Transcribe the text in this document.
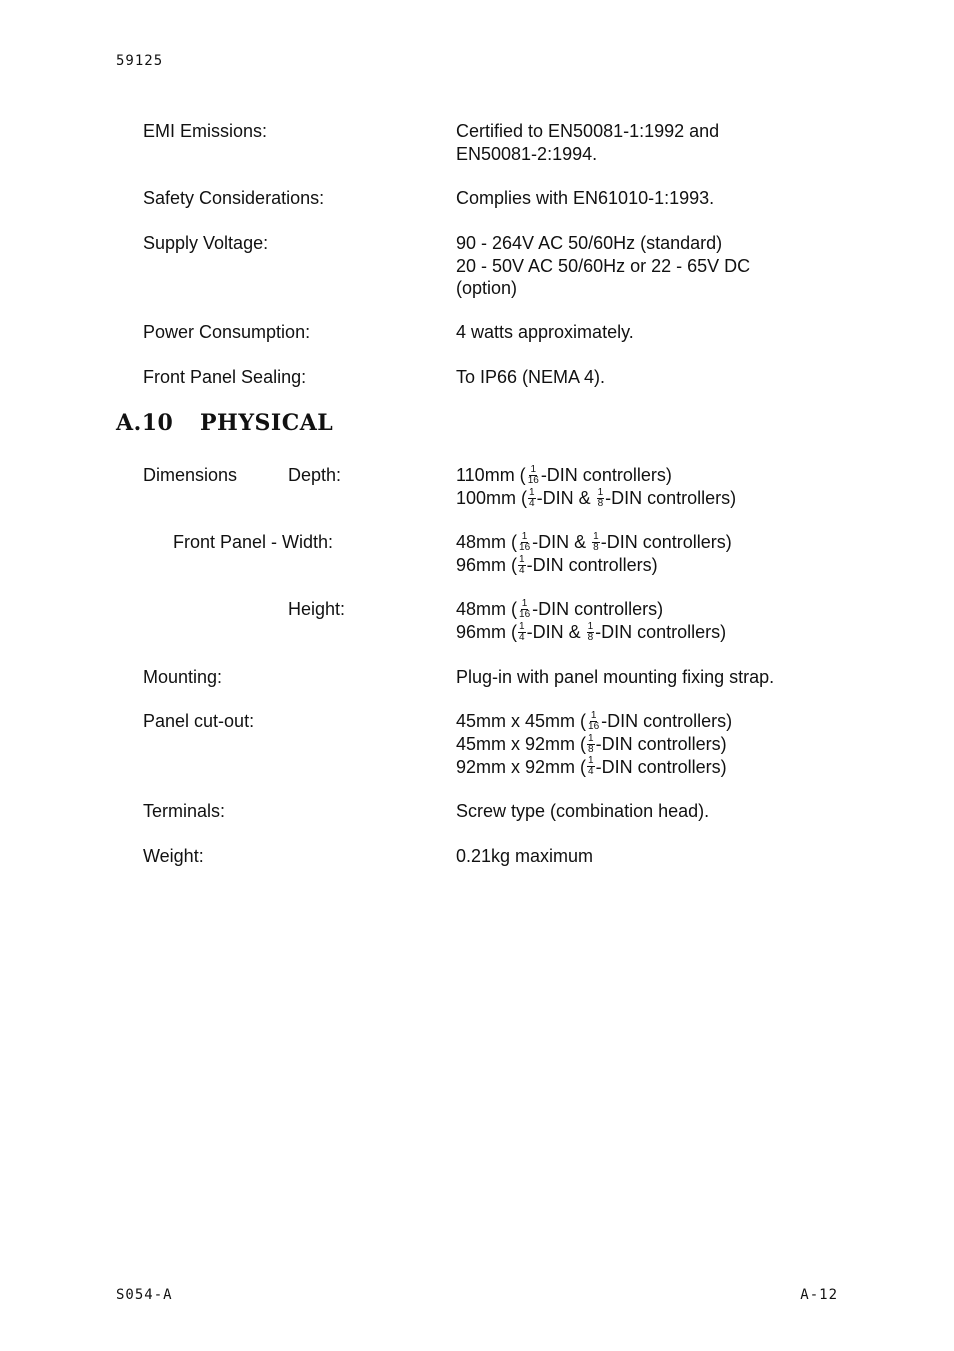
59125
EMI Emissions:	Certified to EN50081-1:1992 and
EN50081-2:1994.
Safety Considerations:	Complies with EN61010-1:1993.
Supply Voltage:	90 - 264V AC 50/60Hz (standard)
20 - 50V AC 50/60Hz or 22 - 65V DC
(option)
Power Consumption:	4 watts approximately.
Front Panel Sealing:	To IP66 (NEMA 4).
A.10 PHYSICAL
Dimensions	Depth:	110mm ( $\frac{1}{16} -DIN$ controllers)
100mm ( $\frac{1}{4} -DIN$ & $\frac{1}{8} -DIN$ controllers)
Front Panel - Width:	48mm ( $\frac{1}{16} -DIN$ & $\frac{1}{8} -DIN$ controllers)
96mm ( $\frac{1}{4} -DIN$ controllers)
Height:	48mm ( $\frac{1}{16} -DIN$ controllers)
96mm ( $\frac{1}{4} -DIN$ & $\frac{1}{8} -DIN$ controllers)
Mounting:	Plug-in with panel mounting fixing strap.
Panel cut-out:	45mm x 45mm ( $\frac{1}{16} -DIN$ controllers)
45mm x 92mm ( $\frac{1}{8} -DIN$ controllers)
92mm x 92mm ( $\frac{1}{4} -DIN$ controllers)
Terminals:	Screw type (combination head).
Weight:	0.21kg maximum
S054-A	A-12
